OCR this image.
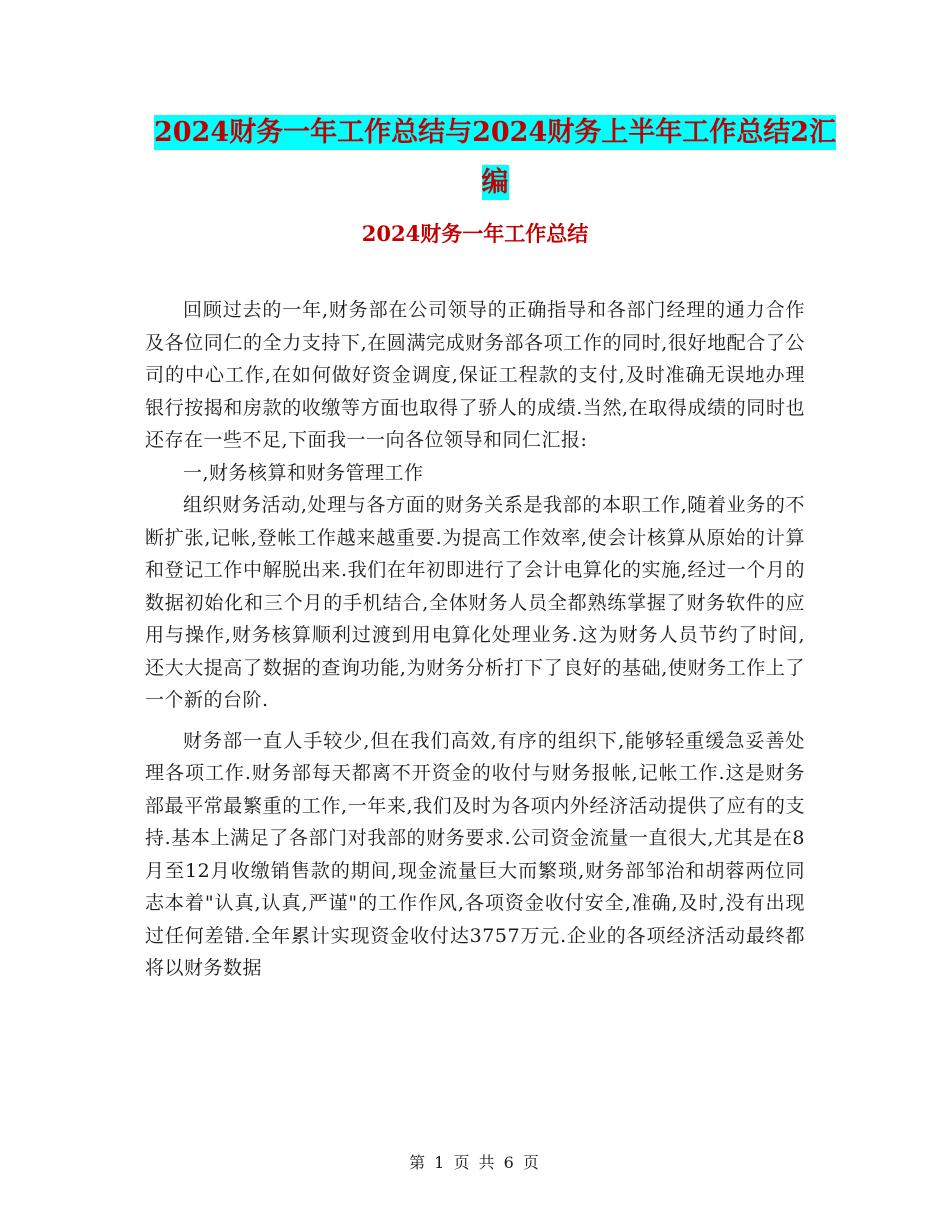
2024财务一年工作总结与2024财务上半年工作总结2汇编
2024财务一年工作总结

回顾过去的一年,财务部在公司领导的正确指导和各部门经理的通力合作及各位同仁的全力支持下,在圆满完成财务部各项工作的同时,很好地配合了公司的中心工作,在如何做好资金调度,保证工程款的支付,及时准确无误地办理银行按揭和房款的收缴等方面也取得了骄人的成绩.当然,在取得成绩的同时也还存在一些不足,下面我一一向各位领导和同仁汇报:

一,财务核算和财务管理工作

组织财务活动,处理与各方面的财务关系是我部的本职工作,随着业务的不断扩张,记帐,登帐工作越来越重要.为提高工作效率,使会计核算从原始的计算和登记工作中解脱出来.我们在年初即进行了会计电算化的实施,经过一个月的数据初始化和三个月的手机结合,全体财务人员全都熟练掌握了财务软件的应用与操作,财务核算顺利过渡到用电算化处理业务.这为财务人员节约了时间,还大大提高了数据的查询功能,为财务分析打下了良好的基础,使财务工作上了一个新的台阶.

财务部一直人手较少,但在我们高效,有序的组织下,能够轻重缓急妥善处理各项工作.财务部每天都离不开资金的收付与财务报帐,记帐工作.这是财务部最平常最繁重的工作,一年来,我们及时为各项内外经济活动提供了应有的支持.基本上满足了各部门对我部的财务要求.公司资金流量一直很大,尤其是在8月至12月收缴销售款的期间,现金流量巨大而繁琐,财务部邹治和胡蓉两位同志本着"认真,认真,严谨"的工作作风,各项资金收付安全,准确,及时,没有出现过任何差错.全年累计实现资金收付达3757万元.企业的各项经济活动最终都将以财务数据

第 1 页 共 6 页
